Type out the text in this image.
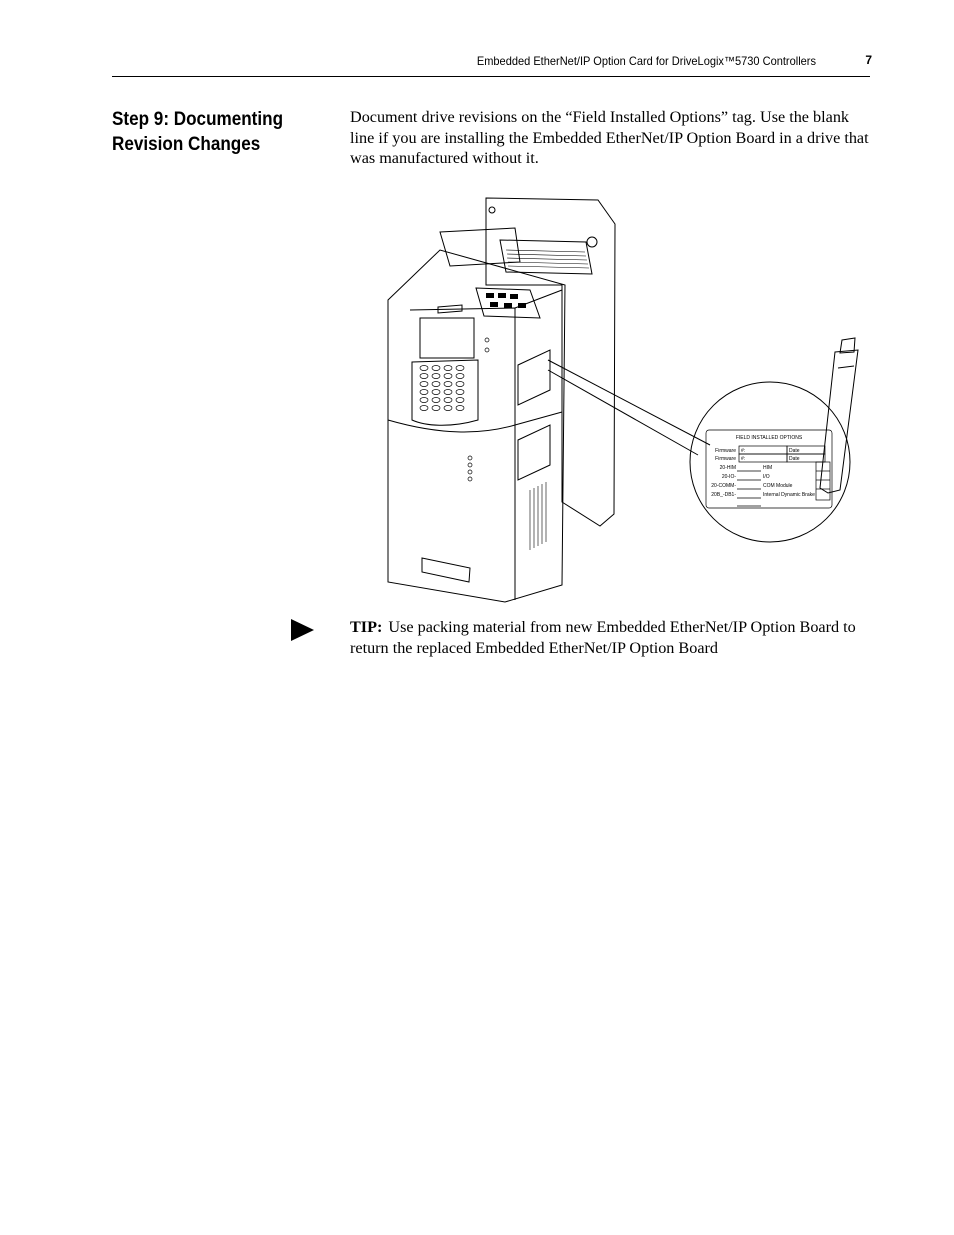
Embedded EtherNet/IP Option Card for DriveLogix™5730 Controllers	7
Step 9: Documenting Revision Changes
Document drive revisions on the “Field Installed Options” tag. Use the blank line if you are installing the Embedded EtherNet/IP Option Board in a drive that was manufactured without it.
FIELD INSTALLED OPTIONS
Firmware #:	Date
Firmware #:	Date
20-HIM	HIM
20-IO-	I/O
20-COMM-	COM Module
20B_-DB1-	Internal Dynamic Brake
TIP: Use packing material from new Embedded EtherNet/IP Option Board to return the replaced Embedded EtherNet/IP Option Board
